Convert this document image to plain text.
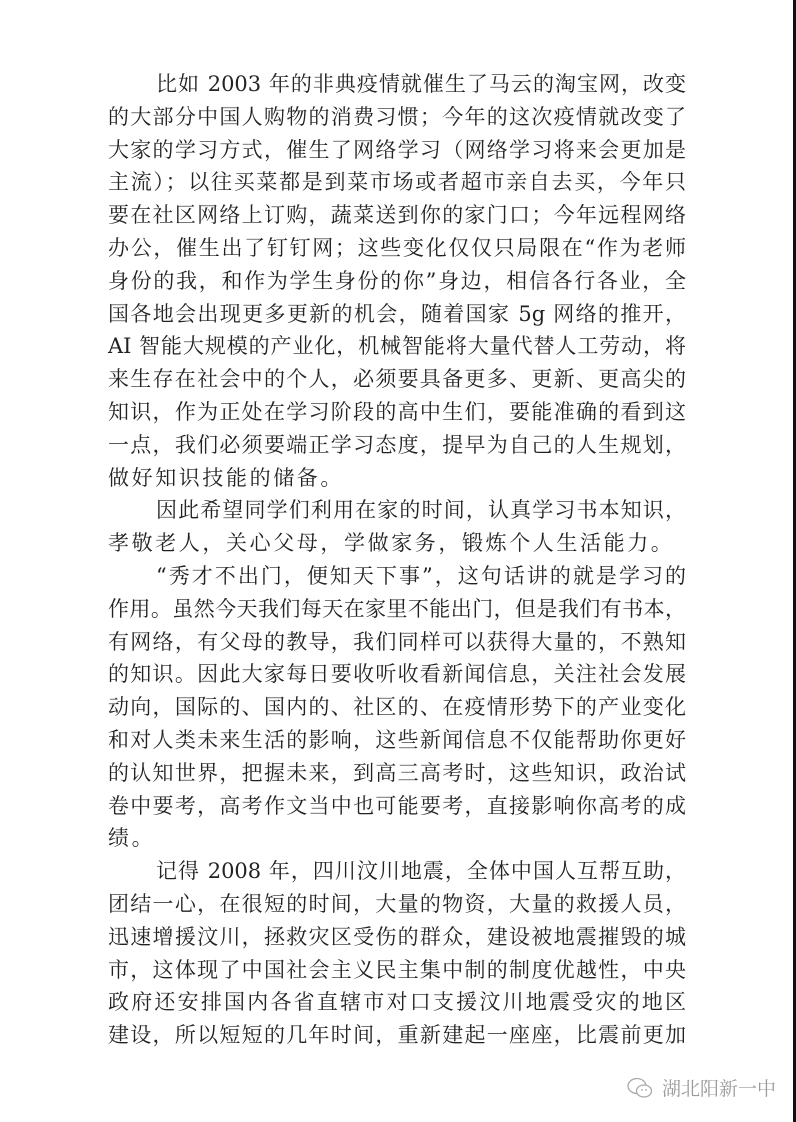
比如 2003 年的非典疫情就催生了马云的淘宝网，改变
的大部分中国人购物的消费习惯；今年的这次疫情就改变了
大家的学习方式，催生了网络学习（网络学习将来会更加是
主流）；以往买菜都是到菜市场或者超市亲自去买，今年只
要在社区网络上订购，蔬菜送到你的家门口；今年远程网络
办公，催生出了钉钉网；这些变化仅仅只局限在“作为老师
身份的我，和作为学生身份的你”身边，相信各行各业，全
国各地会出现更多更新的机会，随着国家 5g 网络的推开，
AI 智能大规模的产业化，机械智能将大量代替人工劳动，将
来生存在社会中的个人，必须要具备更多、更新、更高尖的
知识，作为正处在学习阶段的高中生们，要能准确的看到这
一点，我们必须要端正学习态度，提早为自己的人生规划，
做好知识技能的储备。
因此希望同学们利用在家的时间，认真学习书本知识，
孝敬老人，关心父母，学做家务，锻炼个人生活能力。
“秀才不出门，便知天下事”，这句话讲的就是学习的
作用。虽然今天我们每天在家里不能出门，但是我们有书本，
有网络，有父母的教导，我们同样可以获得大量的，不熟知
的知识。因此大家每日要收听收看新闻信息，关注社会发展
动向，国际的、国内的、社区的、在疫情形势下的产业变化
和对人类未来生活的影响，这些新闻信息不仅能帮助你更好
的认知世界，把握未来，到高三高考时，这些知识，政治试
卷中要考，高考作文当中也可能要考，直接影响你高考的成
绩。
记得 2008 年，四川汶川地震，全体中国人互帮互助，
团结一心，在很短的时间，大量的物资，大量的救援人员，
迅速增援汶川，拯救灾区受伤的群众，建设被地震摧毁的城
市，这体现了中国社会主义民主集中制的制度优越性，中央
政府还安排国内各省直辖市对口支援汶川地震受灾的地区
建设，所以短短的几年时间，重新建起一座座，比震前更加
湖北阳新一中
